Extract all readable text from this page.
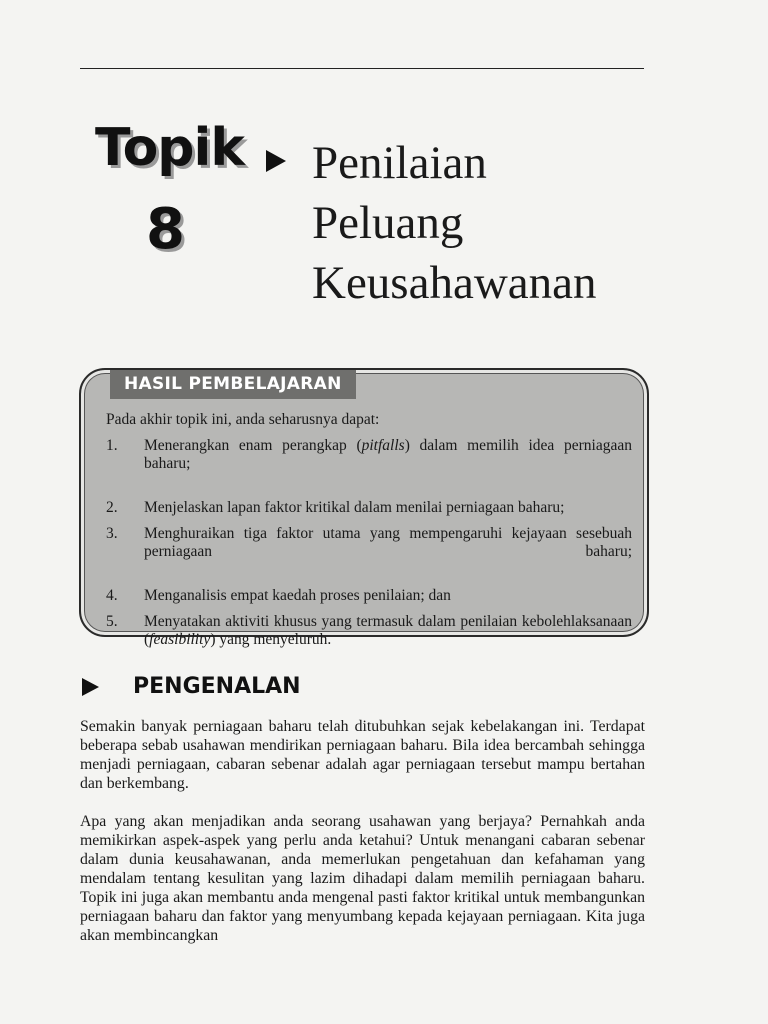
Topik
8
Penilaian
Peluang
Keusahawanan
HASIL PEMBELAJARAN
Pada akhir topik ini, anda seharusnya dapat:
1. Menerangkan enam perangkap (pitfalls) dalam memilih idea perniagaan baharu;
2. Menjelaskan lapan faktor kritikal dalam menilai perniagaan baharu;
3. Menghuraikan tiga faktor utama yang mempengaruhi kejayaan sesebuah perniagaan baharu;
4. Menganalisis empat kaedah proses penilaian; dan
5. Menyatakan aktiviti khusus yang termasuk dalam penilaian kebolehlaksanaan (feasibility) yang menyeluruh.
PENGENALAN

Semakin banyak perniagaan baharu telah ditubuhkan sejak kebelakangan ini. Terdapat beberapa sebab usahawan mendirikan perniagaan baharu. Bila idea bercambah sehingga menjadi perniagaan, cabaran sebenar adalah agar perniagaan tersebut mampu bertahan dan berkembang.

Apa yang akan menjadikan anda seorang usahawan yang berjaya? Pernahkah anda memikirkan aspek-aspek yang perlu anda ketahui? Untuk menangani cabaran sebenar dalam dunia keusahawanan, anda memerlukan pengetahuan dan kefahaman yang mendalam tentang kesulitan yang lazim dihadapi dalam memilih perniagaan baharu. Topik ini juga akan membantu anda mengenal pasti faktor kritikal untuk membangunkan perniagaan baharu dan faktor yang menyumbang kepada kejayaan perniagaan. Kita juga akan membincangkan
